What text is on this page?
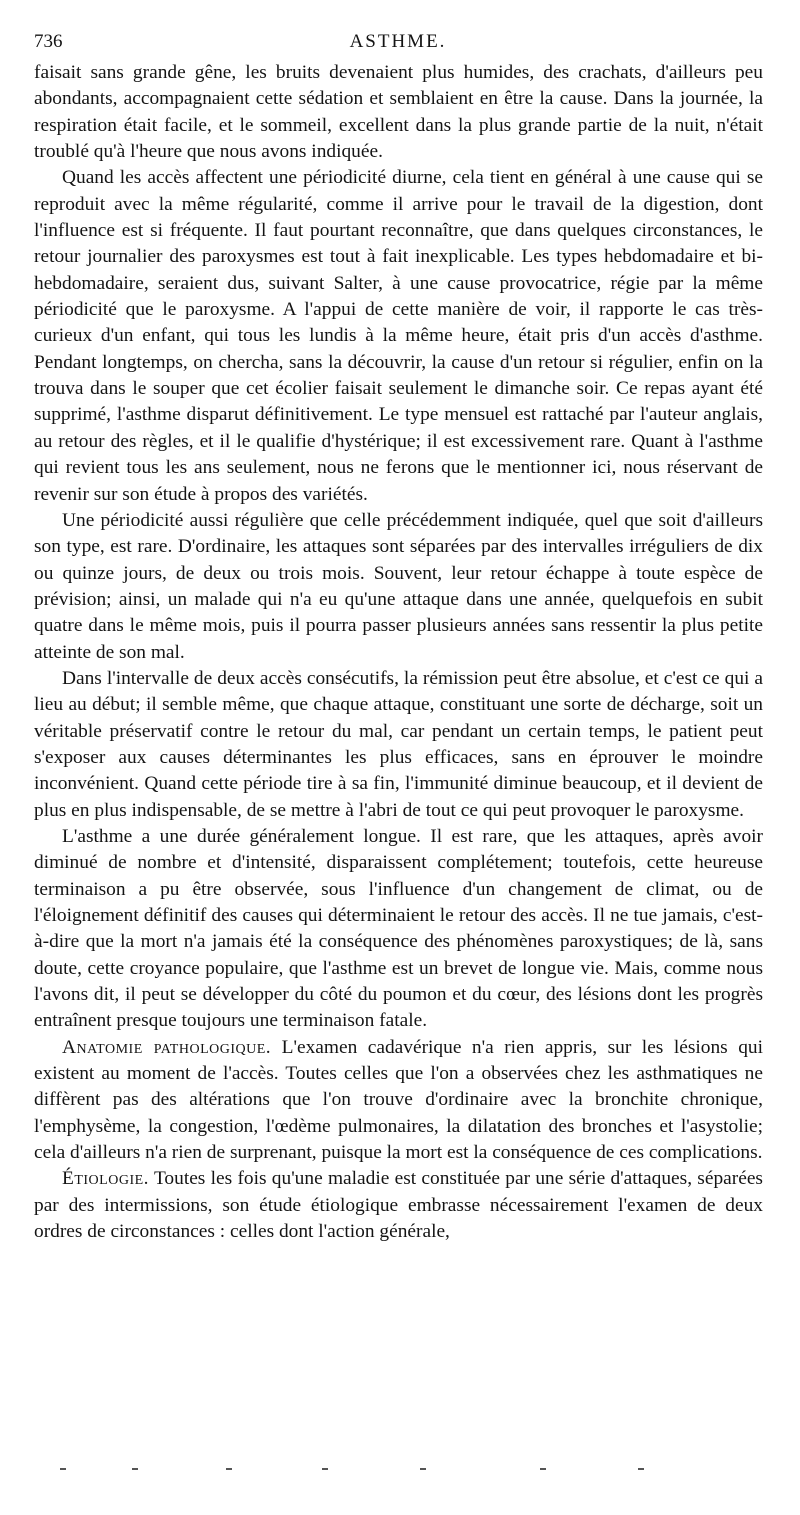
736	ASTHME.

faisait sans grande gêne, les bruits devenaient plus humides, des crachats, d'ailleurs peu abondants, accompagnaient cette sédation et semblaient en être la cause. Dans la journée, la respiration était facile, et le sommeil, excellent dans la plus grande partie de la nuit, n'était troublé qu'à l'heure que nous avons indiquée.

Quand les accès affectent une périodicité diurne, cela tient en général à une cause qui se reproduit avec la même régularité, comme il arrive pour le travail de la digestion, dont l'influence est si fréquente. Il faut pourtant reconnaître, que dans quelques circonstances, le retour journalier des paroxysmes est tout à fait inexplicable. Les types hebdomadaire et bi-hebdomadaire, seraient dus, suivant Salter, à une cause provocatrice, régie par la même périodicité que le paroxysme. A l'appui de cette manière de voir, il rapporte le cas très-curieux d'un enfant, qui tous les lundis à la même heure, était pris d'un accès d'asthme. Pendant longtemps, on chercha, sans la découvrir, la cause d'un retour si régulier, enfin on la trouva dans le souper que cet écolier faisait seulement le dimanche soir. Ce repas ayant été supprimé, l'asthme disparut définitivement. Le type mensuel est rattaché par l'auteur anglais, au retour des règles, et il le qualifie d'hystérique; il est excessivement rare. Quant à l'asthme qui revient tous les ans seulement, nous ne ferons que le mentionner ici, nous réservant de revenir sur son étude à propos des variétés.

Une périodicité aussi régulière que celle précédemment indiquée, quel que soit d'ailleurs son type, est rare. D'ordinaire, les attaques sont séparées par des intervalles irréguliers de dix ou quinze jours, de deux ou trois mois. Souvent, leur retour échappe à toute espèce de prévision; ainsi, un malade qui n'a eu qu'une attaque dans une année, quelquefois en subit quatre dans le même mois, puis il pourra passer plusieurs années sans ressentir la plus petite atteinte de son mal.

Dans l'intervalle de deux accès consécutifs, la rémission peut être absolue, et c'est ce qui a lieu au début; il semble même, que chaque attaque, constituant une sorte de décharge, soit un véritable préservatif contre le retour du mal, car pendant un certain temps, le patient peut s'exposer aux causes déterminantes les plus efficaces, sans en éprouver le moindre inconvénient. Quand cette période tire à sa fin, l'immunité diminue beaucoup, et il devient de plus en plus indispensable, de se mettre à l'abri de tout ce qui peut provoquer le paroxysme.

L'asthme a une durée généralement longue. Il est rare, que les attaques, après avoir diminué de nombre et d'intensité, disparaissent complétement; toutefois, cette heureuse terminaison a pu être observée, sous l'influence d'un changement de climat, ou de l'éloignement définitif des causes qui déterminaient le retour des accès. Il ne tue jamais, c'est-à-dire que la mort n'a jamais été la conséquence des phénomènes paroxystiques; de là, sans doute, cette croyance populaire, que l'asthme est un brevet de longue vie. Mais, comme nous l'avons dit, il peut se développer du côté du poumon et du cœur, des lésions dont les progrès entraînent presque toujours une terminaison fatale.

Anatomie pathologique. L'examen cadavérique n'a rien appris, sur les lésions qui existent au moment de l'accès. Toutes celles que l'on a observées chez les asthmatiques ne diffèrent pas des altérations que l'on trouve d'ordinaire avec la bronchite chronique, l'emphysème, la congestion, l'œdème pulmonaires, la dilatation des bronches et l'asystolie; cela d'ailleurs n'a rien de surprenant, puisque la mort est la conséquence de ces complications.

Étiologie. Toutes les fois qu'une maladie est constituée par une série d'attaques, séparées par des intermissions, son étude étiologique embrasse nécessairement l'examen de deux ordres de circonstances : celles dont l'action générale,
